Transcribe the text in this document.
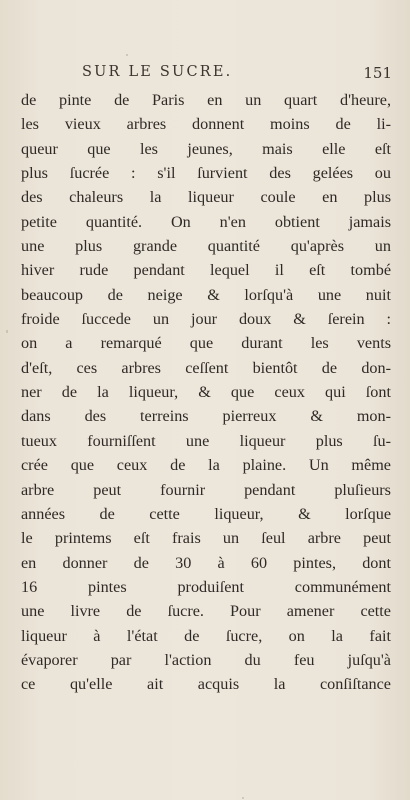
SUR LE SUCRE.	151
de pinte de Paris en un quart d'heure,
les vieux arbres donnent moins de li-
queur que les jeunes, mais elle eſt
plus ſucrée : s'il ſurvient des gelées ou
des chaleurs la liqueur coule en plus
petite quantité. On n'en obtient jamais
une plus grande quantité qu'après un
hiver rude pendant lequel il eſt tombé
beaucoup de neige & lorſqu'à une nuit
froide ſuccede un jour doux & ſerein :
on a remarqué que durant les vents
d'eſt, ces arbres ceſſent bientôt de don-
ner de la liqueur, & que ceux qui ſont
dans des terreins pierreux & mon-
tueux fourniſſent une liqueur plus ſu-
crée que ceux de la plaine. Un même
arbre peut fournir pendant pluſieurs
années de cette liqueur, & lorſque
le printems eſt frais un ſeul arbre peut
en donner de 30 à 60 pintes, dont
16 pintes produiſent communément
une livre de ſucre. Pour amener cette
liqueur à l'état de ſucre, on la fait
évaporer par l'action du feu juſqu'à
ce qu'elle ait acquis la conſiſtance
